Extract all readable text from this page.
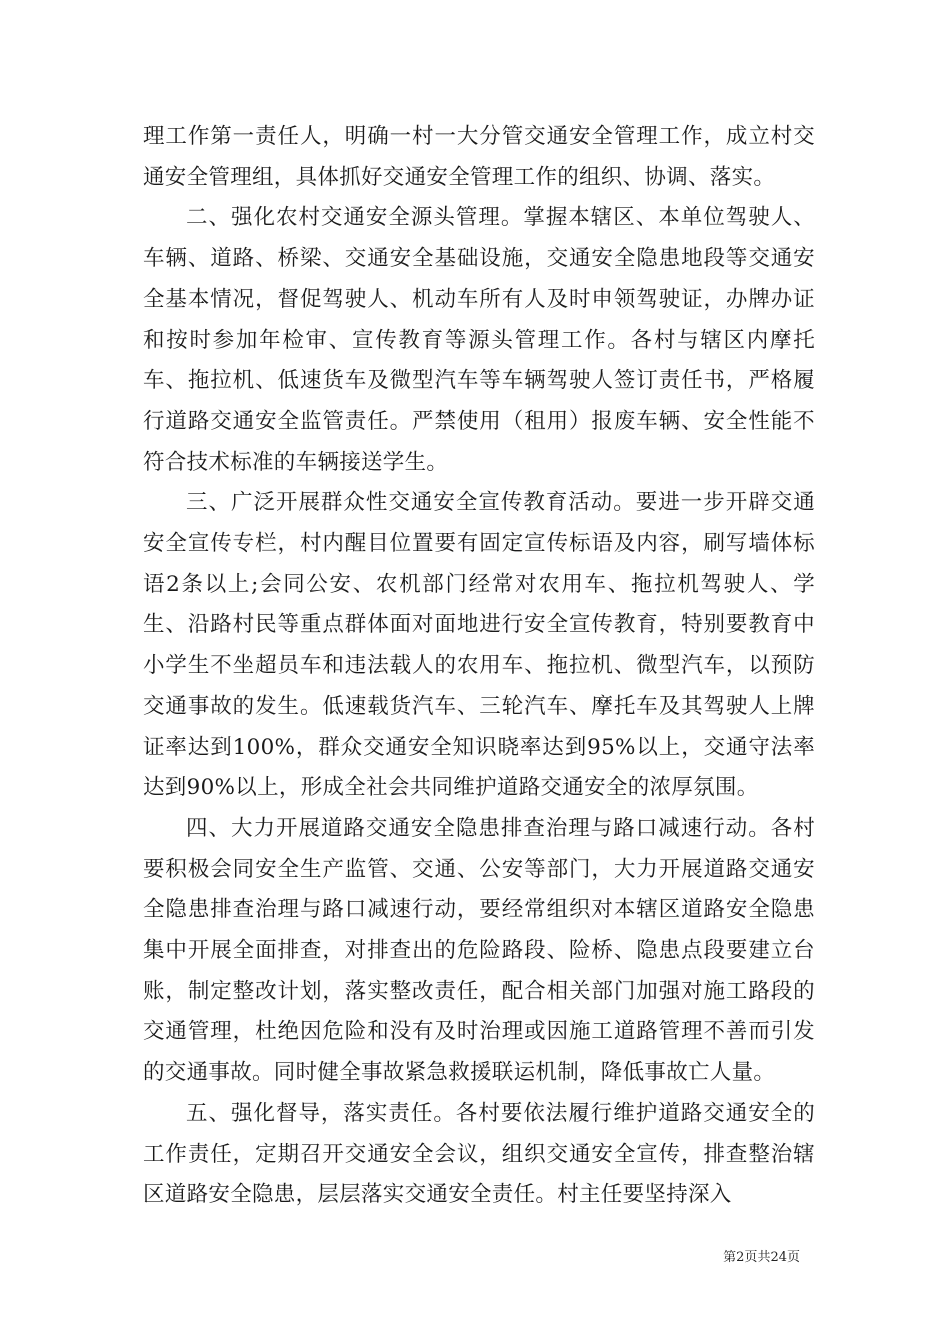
理工作第一责任人，明确一村一大分管交通安全管理工作，成立村交通安全管理组，具体抓好交通安全管理工作的组织、协调、落实。

二、强化农村交通安全源头管理。掌握本辖区、本单位驾驶人、车辆、道路、桥梁、交通安全基础设施，交通安全隐患地段等交通安全基本情况，督促驾驶人、机动车所有人及时申领驾驶证，办牌办证和按时参加年检审、宣传教育等源头管理工作。各村与辖区内摩托车、拖拉机、低速货车及微型汽车等车辆驾驶人签订责任书，严格履行道路交通安全监管责任。严禁使用（租用）报废车辆、安全性能不符合技术标准的车辆接送学生。

三、广泛开展群众性交通安全宣传教育活动。要进一步开辟交通安全宣传专栏，村内醒目位置要有固定宣传标语及内容，刷写墙体标语2条以上;会同公安、农机部门经常对农用车、拖拉机驾驶人、学生、沿路村民等重点群体面对面地进行安全宣传教育，特别要教育中小学生不坐超员车和违法载人的农用车、拖拉机、微型汽车，以预防交通事故的发生。低速载货汽车、三轮汽车、摩托车及其驾驶人上牌证率达到100%，群众交通安全知识晓率达到95%以上，交通守法率达到90%以上，形成全社会共同维护道路交通安全的浓厚氛围。

四、大力开展道路交通安全隐患排查治理与路口减速行动。各村要积极会同安全生产监管、交通、公安等部门，大力开展道路交通安全隐患排查治理与路口减速行动，要经常组织对本辖区道路安全隐患集中开展全面排查，对排查出的危险路段、险桥、隐患点段要建立台账，制定整改计划，落实整改责任，配合相关部门加强对施工路段的交通管理，杜绝因危险和没有及时治理或因施工道路管理不善而引发的交通事故。同时健全事故紧急救援联运机制，降低事故亡人量。

五、强化督导，落实责任。各村要依法履行维护道路交通安全的工作责任，定期召开交通安全会议，组织交通安全宣传，排查整治辖区道路安全隐患，层层落实交通安全责任。村主任要坚持深入

第2页共24页
